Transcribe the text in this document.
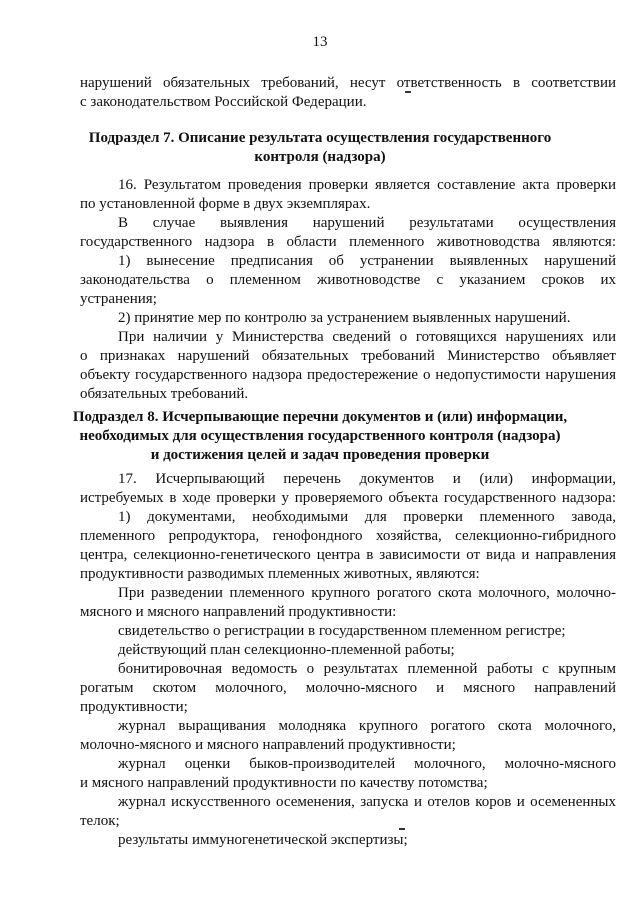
13
нарушений обязательных требований, несут ответственность в соответствии
с законодательством Российской Федерации.
Подраздел 7. Описание результата осуществления государственного
контроля (надзора)
16. Результатом проведения проверки является составление акта проверки
по установленной форме в двух экземплярах.
В случае выявления нарушений результатами осуществления
государственного надзора в области племенного животноводства являются:
1) вынесение предписания об устранении выявленных нарушений
законодательства о племенном животноводстве с указанием сроков их
устранения;
2) принятие мер по контролю за устранением выявленных нарушений.
При наличии у Министерства сведений о готовящихся нарушениях или
о признаках нарушений обязательных требований Министерство объявляет
объекту государственного надзора предостережение о недопустимости нарушения
обязательных требований.
Подраздел 8. Исчерпывающие перечни документов и (или) информации,
необходимых для осуществления государственного контроля (надзора)
и достижения целей и задач проведения проверки
17. Исчерпывающий перечень документов и (или) информации,
истребуемых в ходе проверки у проверяемого объекта государственного надзора:
1) документами, необходимыми для проверки племенного завода,
племенного репродуктора, генофондного хозяйства, селекционно-гибридного
центра, селекционно-генетического центра в зависимости от вида и направления
продуктивности разводимых племенных животных, являются:
При разведении племенного крупного рогатого скота молочного, молочно-
мясного и мясного направлений продуктивности:
свидетельство о регистрации в государственном племенном регистре;
действующий план селекционно-племенной работы;
бонитировочная ведомость о результатах племенной работы с крупным
рогатым скотом молочного, молочно-мясного и мясного направлений
продуктивности;
журнал выращивания молодняка крупного рогатого скота молочного,
молочно-мясного и мясного направлений продуктивности;
журнал оценки быков-производителей молочного, молочно-мясного
и мясного направлений продуктивности по качеству потомства;
журнал искусственного осеменения, запуска и отелов коров и осемененных
телок;
результаты иммуногенетической экспертизы;
